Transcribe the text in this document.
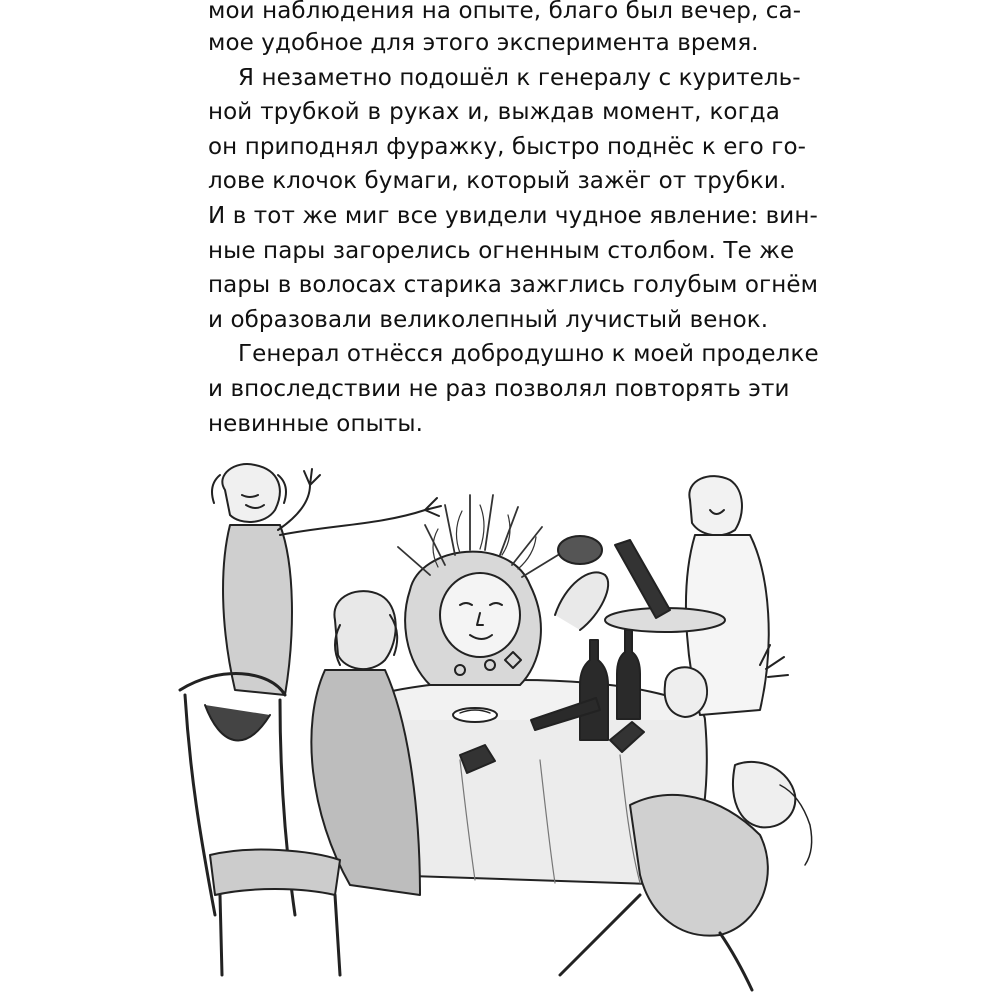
мои наблюдения на опыте, благо был вечер, са-
мое удобное для этого эксперимента время.
Я незаметно подошёл к генералу с куритель-
ной трубкой в руках и, выждав момент, когда
он приподнял фуражку, быстро поднёс к его го-
лове клочок бумаги, который зажёг от трубки.
И в тот же миг все увидели чудное явление: вин-
ные пары загорелись огненным столбом. Те же
пары в волосах старика зажглись голубым огнём
и образовали великолепный лучистый венок.
Генерал отнёсся добродушно к моей проделке
и впоследствии не раз позволял повторять эти
невинные опыты.
